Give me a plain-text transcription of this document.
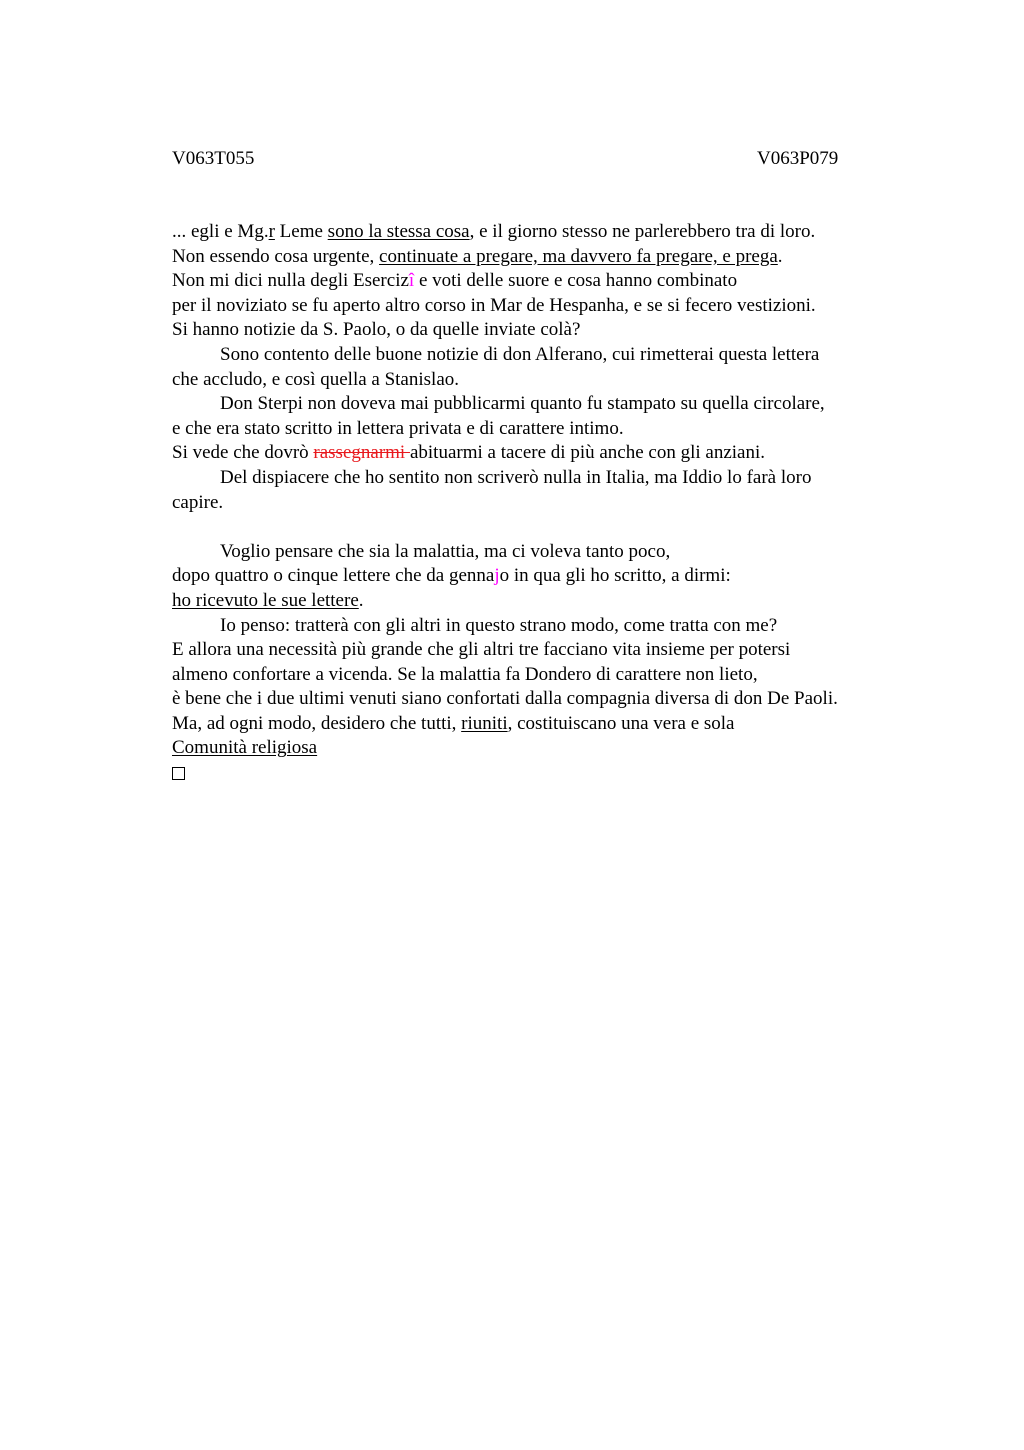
V063T055	V063P079
... egli e Mg.r Leme sono la stessa cosa, e il giorno stesso ne parlerebbero tra di loro.
Non essendo cosa urgente, continuate a pregare, ma davvero fa pregare, e prega.
Non mi dici nulla degli Esercizî e voti delle suore e cosa hanno combinato
per il noviziato se fu aperto altro corso in Mar de Hespanha, e se si fecero vestizioni.
Si hanno notizie da S. Paolo, o da quelle inviate colà?
Sono contento delle buone notizie di don Alferano, cui rimetterai questa lettera
che accludo, e così quella a Stanislao.
Don Sterpi non doveva mai pubblicarmi quanto fu stampato su quella circolare,
e che era stato scritto in lettera privata e di carattere intimo.
Si vede che dovrò rassegnarmi abituarmi a tacere di più anche con gli anziani.
Del dispiacere che ho sentito non scriverò nulla in Italia, ma Iddio lo farà loro
capire.
Voglio pensare che sia la malattia, ma ci voleva tanto poco,
dopo quattro o cinque lettere che da gennajo in qua gli ho scritto, a dirmi:
ho ricevuto le sue lettere.
Io penso: tratterà con gli altri in questo strano modo, come tratta con me?
E allora una necessità più grande che gli altri tre facciano vita insieme per potersi
almeno confortare a vicenda. Se la malattia fa Dondero di carattere non lieto,
è bene che i due ultimi venuti siano confortati dalla compagnia diversa di don De Paoli.
Ma, ad ogni modo, desidero che tutti, riuniti, costituiscano una vera e sola
Comunità religiosa
